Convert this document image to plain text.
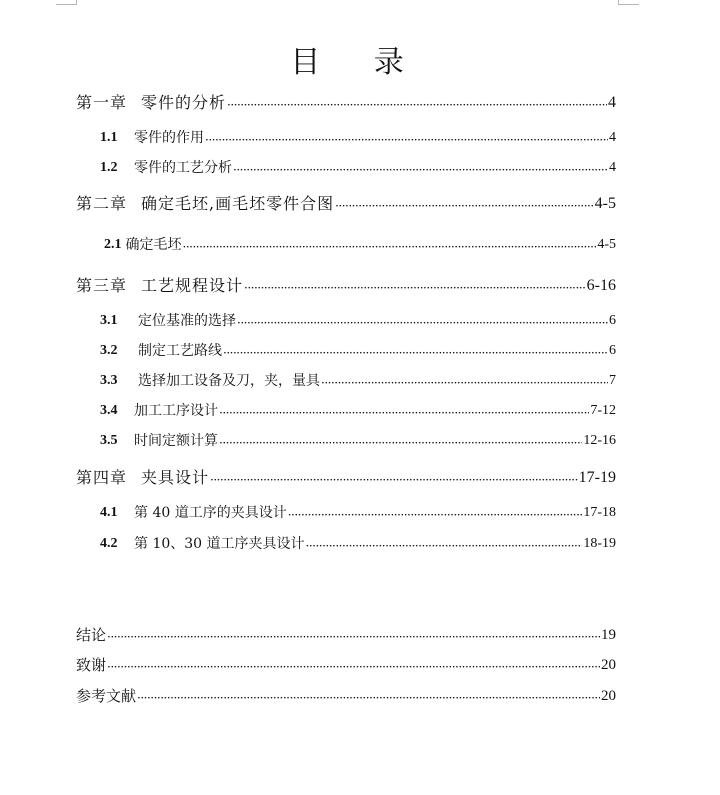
目 录
第一章 零件的分析 ·····	4
1.1	零件的作用 ·····	4
1.2	零件的工艺分析 ·····	4
第二章 确定毛坯,画毛坯零件合图 ·····	4-5
2.1 确定毛坯 ·····	4-5
第三章 工艺规程设计 ·····	6-16
3.1	定位基准的选择 ·····	6
3.2	制定工艺路线 ·····	6
3.3	选择加工设备及刀，夹，量具 ·····	7
3.4	加工工序设计 ·····	7-12
3.5	时间定额计算 ·····	12-16
第四章 夹具设计 ·····	17-19
4.1	第 40 道工序的夹具设计 ·····	17-18
4.2	第 10、30 道工序夹具设计 ·····	18-19
结论 ·····	19
致谢 ·····	20
参考文献 ·····	20
